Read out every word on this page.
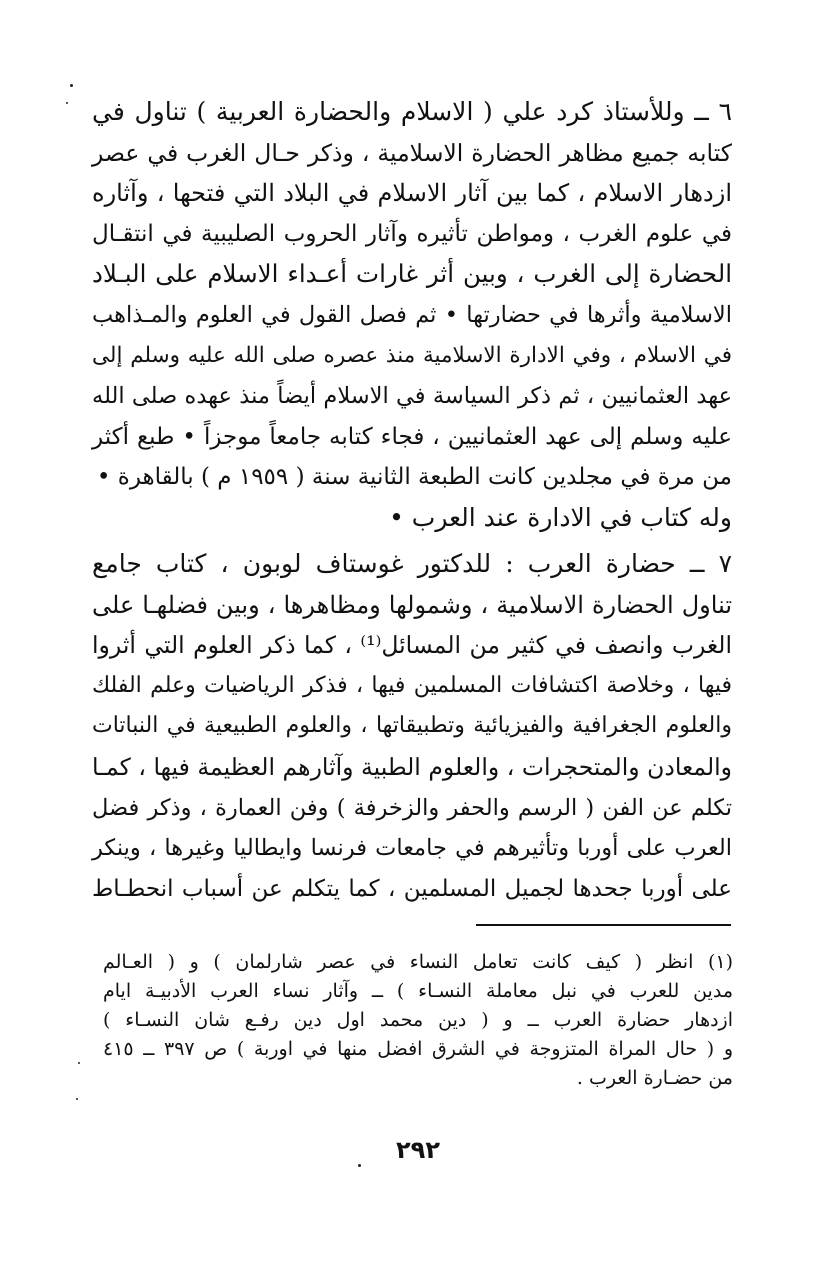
٦ ــ وللأستاذ كرد علي ( الاسلام والحضارة العربية ) تناول في
كتابه جميع مظاهر الحضارة الاسلامية ، وذكر حـال الغرب في عصر
ازدهار الاسلام ، كما بين آثار الاسلام في البلاد التي فتحها ، وآثاره
في علوم الغرب ، ومواطن تأثيره وآثار الحروب الصليبية في انتقـال
الحضارة إلى الغرب ، وبين أثر غارات أعـداء الاسلام على البـلاد
الاسلامية وأثرها في حضارتها • ثم فصل القول في العلوم والمـذاهب
في الاسلام ، وفي الادارة الاسلامية منذ عصره صلى الله عليه وسلم إلى
عهد العثمانيين ، ثم ذكر السياسة في الاسلام أيضاً منذ عهده صلى الله
عليه وسلم إلى عهد العثمانيين ، فجاء كتابه جامعاً موجزاً • طبع أكثر
من مرة في مجلدين كانت الطبعة الثانية سنة ( ١٩٥٩ م ) بالقاهرة •
وله كتاب في الادارة عند العرب •
٧ ــ حضارة العرب : للدكتور غوستاف لوبون ، كتاب جامع
تناول الحضارة الاسلامية ، وشمولها ومظاهرها ، وبين فضلهـا على
الغرب وانصف في كثير من المسائل⁽¹⁾ ، كما ذكر العلوم التي أثروا
فيها ، وخلاصة اكتشافات المسلمين فيها ، فذكر الرياضيات وعلم الفلك
والعلوم الجغرافية والفيزيائية وتطبيقاتها ، والعلوم الطبيعية في النباتات
والمعادن والمتحجرات ، والعلوم الطبية وآثارهم العظيمة فيها ، كمـا
تكلم عن الفن ( الرسم والحفر والزخرفة ) وفن العمارة ، وذكر فضل
العرب على أوربا وتأثيرهم في جامعات فرنسا وايطاليا وغيرها ، وينكر
على أوربا جحدها لجميل المسلمين ، كما يتكلم عن أسباب انحطـاط
(١) انظر ( كيف كانت تعامل النساء في عصر شارلمان ) و ( العـالم
مدين للعرب في نبل معاملة النسـاء ) ــ وآثار نساء العرب الأدبيـة ايام
ازدهار حضارة العرب ــ و ( دين محمد اول دين رفـع شان النسـاء )
و ( حال المراة المتزوجة في الشرق افضل منها في اوربة ) ص ٣٩٧ ــ ٤١٥
من حضـارة العرب .
٢٩٢
